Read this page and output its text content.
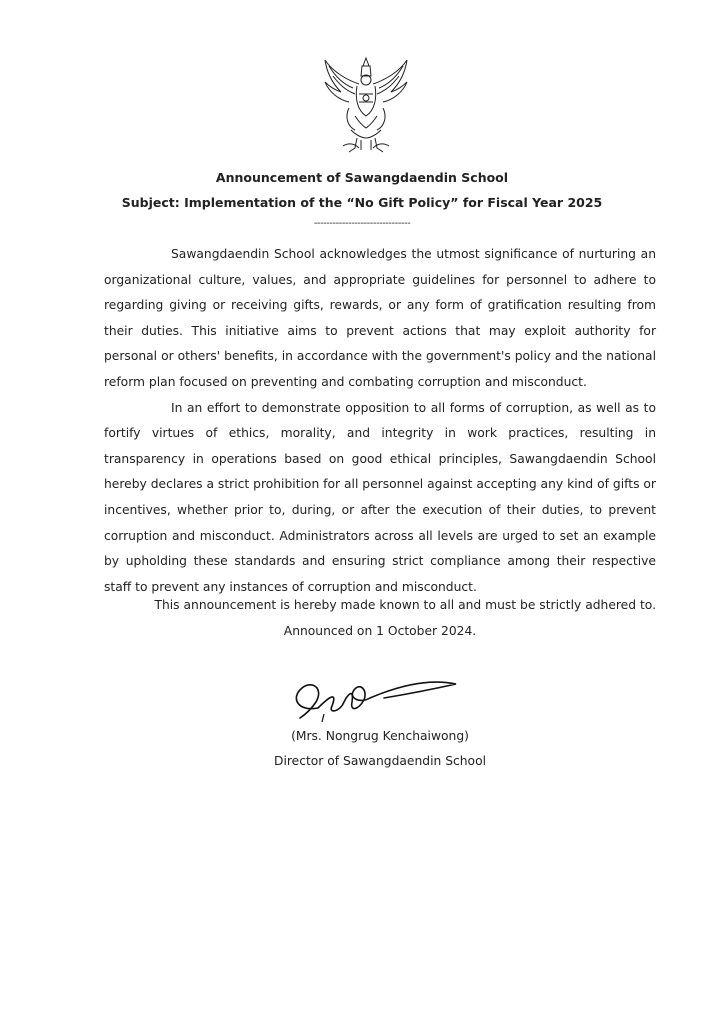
Announcement of Sawangdaendin School
Subject: Implementation of the “No Gift Policy” for Fiscal Year 2025
-------------------------------

Sawangdaendin School acknowledges the utmost significance of nurturing an organizational culture, values, and appropriate guidelines for personnel to adhere to regarding giving or receiving gifts, rewards, or any form of gratification resulting from their duties. This initiative aims to prevent actions that may exploit authority for personal or others' benefits, in accordance with the government's policy and the national reform plan focused on preventing and combating corruption and misconduct.

In an effort to demonstrate opposition to all forms of corruption, as well as to fortify virtues of ethics, morality, and integrity in work practices, resulting in transparency in operations based on good ethical principles, Sawangdaendin School hereby declares a strict prohibition for all personnel against accepting any kind of gifts or incentives, whether prior to, during, or after the execution of their duties, to prevent corruption and misconduct. Administrators across all levels are urged to set an example by upholding these standards and ensuring strict compliance among their respective staff to prevent any instances of corruption and misconduct.

This announcement is hereby made known to all and must be strictly adhered to.
Announced on 1 October 2024.
(Mrs. Nongrug Kenchaiwong)
Director of Sawangdaendin School
